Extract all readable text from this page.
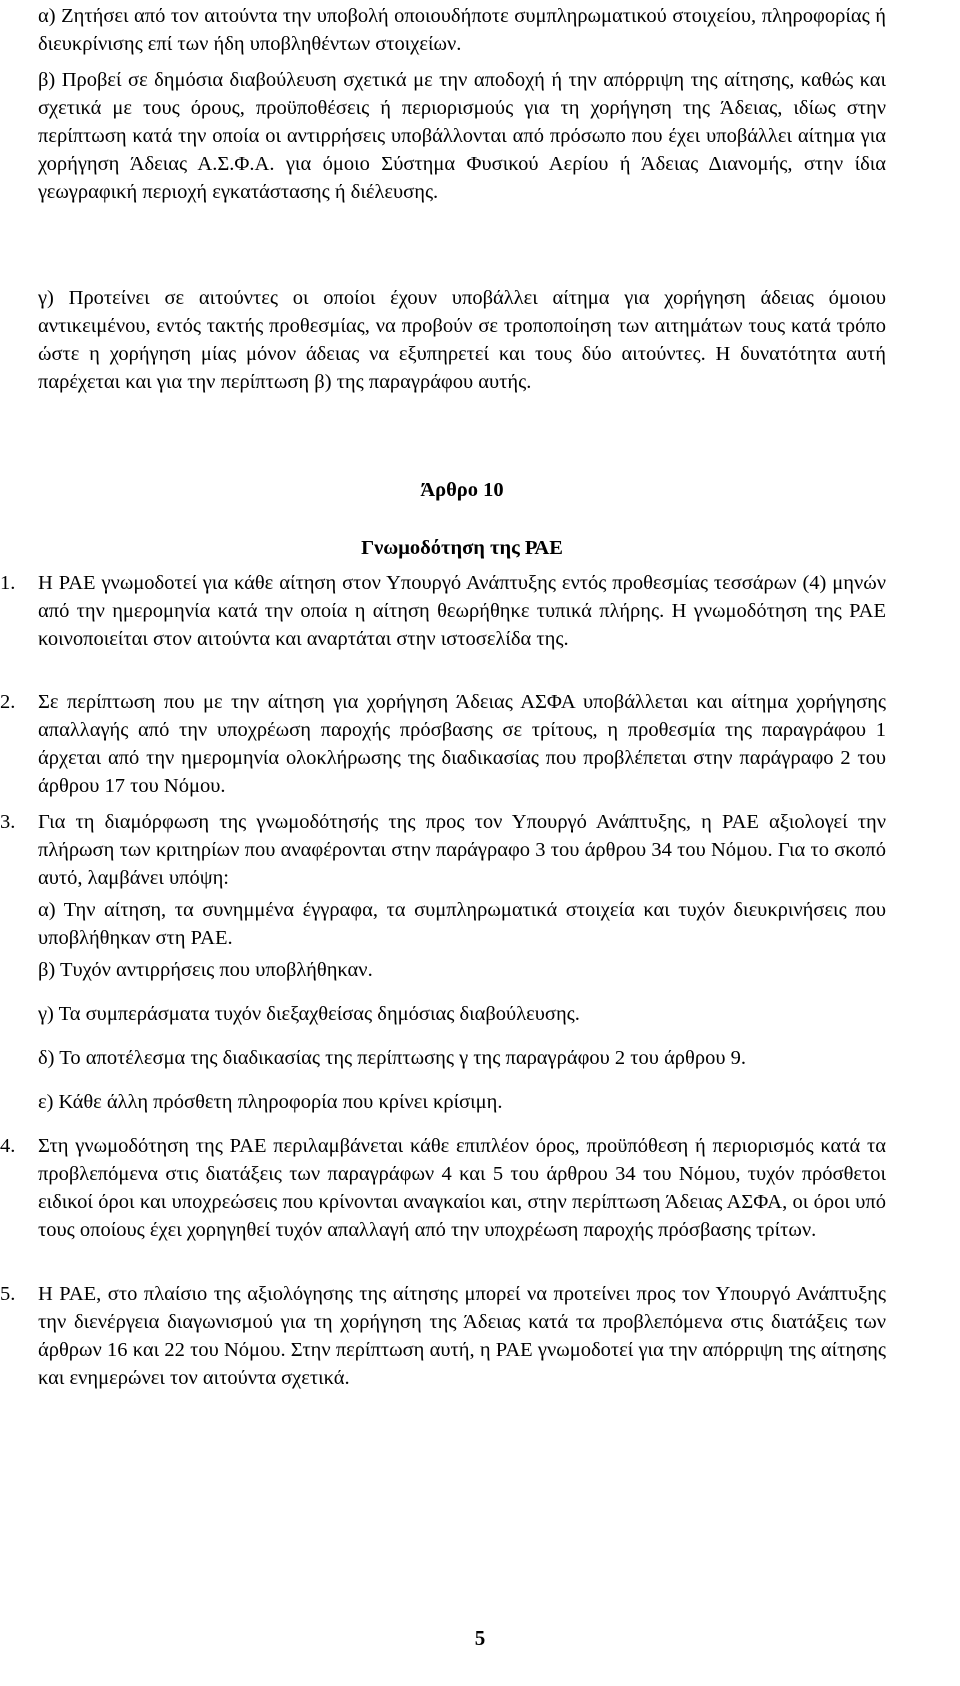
α) Ζητήσει από τον αιτούντα την υποβολή οποιουδήποτε συμπληρωματικού στοιχείου, πληροφορίας ή διευκρίνισης επί των ήδη υποβληθέντων στοιχείων.

β) Προβεί σε δημόσια διαβούλευση σχετικά με την αποδοχή ή την απόρριψη της αίτησης, καθώς και σχετικά με τους όρους, προϋποθέσεις ή περιορισμούς για τη χορήγηση της Άδειας, ιδίως στην περίπτωση κατά την οποία οι αντιρρήσεις υποβάλλονται από πρόσωπο που έχει υποβάλλει αίτημα για χορήγηση Άδειας Α.Σ.Φ.Α. για όμοιο Σύστημα Φυσικού Αερίου ή Άδειας Διανομής, στην ίδια γεωγραφική περιοχή εγκατάστασης ή διέλευσης.

γ) Προτείνει σε αιτούντες οι οποίοι έχουν υποβάλλει αίτημα για χορήγηση άδειας όμοιου αντικειμένου, εντός τακτής προθεσμίας, να προβούν σε τροποποίηση των αιτημάτων τους κατά τρόπο ώστε η χορήγηση μίας μόνον άδειας να εξυπηρετεί και τους δύο αιτούντες. Η δυνατότητα αυτή παρέχεται και για την περίπτωση β) της παραγράφου αυτής.

Άρθρο 10

Γνωμοδότηση της ΡΑΕ

1. Η ΡΑΕ γνωμοδοτεί για κάθε αίτηση στον Υπουργό Ανάπτυξης εντός προθεσμίας τεσσάρων (4) μηνών από την ημερομηνία κατά την οποία η αίτηση θεωρήθηκε τυπικά πλήρης. Η γνωμοδότηση της ΡΑΕ κοινοποιείται στον αιτούντα και αναρτάται στην ιστοσελίδα της.

2. Σε περίπτωση που με την αίτηση για χορήγηση Άδειας ΑΣΦΑ υποβάλλεται και αίτημα χορήγησης απαλλαγής από την υποχρέωση παροχής πρόσβασης σε τρίτους, η προθεσμία της παραγράφου 1 άρχεται από την ημερομηνία ολοκλήρωσης της διαδικασίας που προβλέπεται στην παράγραφο 2 του άρθρου 17 του Νόμου.

3. Για τη διαμόρφωση της γνωμοδότησής της προς τον Υπουργό Ανάπτυξης, η ΡΑΕ αξιολογεί την πλήρωση των κριτηρίων που αναφέρονται στην παράγραφο 3 του άρθρου 34 του Νόμου. Για το σκοπό αυτό, λαμβάνει υπόψη:

α) Την αίτηση, τα συνημμένα έγγραφα, τα συμπληρωματικά στοιχεία και τυχόν διευκρινήσεις που υποβλήθηκαν στη ΡΑΕ.

β) Τυχόν αντιρρήσεις που υποβλήθηκαν.

γ) Τα συμπεράσματα τυχόν διεξαχθείσας δημόσιας διαβούλευσης.

δ) Το αποτέλεσμα της διαδικασίας της περίπτωσης γ της παραγράφου 2 του άρθρου 9.

ε) Κάθε άλλη πρόσθετη πληροφορία που κρίνει κρίσιμη.

4. Στη γνωμοδότηση της ΡΑΕ περιλαμβάνεται κάθε επιπλέον όρος, προϋπόθεση ή περιορισμός κατά τα προβλεπόμενα στις διατάξεις των παραγράφων 4 και 5 του άρθρου 34 του Νόμου, τυχόν πρόσθετοι ειδικοί όροι και υποχρεώσεις που κρίνονται αναγκαίοι και, στην περίπτωση Άδειας ΑΣΦΑ, οι όροι υπό τους οποίους έχει χορηγηθεί τυχόν απαλλαγή από την υποχρέωση παροχής πρόσβασης τρίτων.

5. Η ΡΑΕ, στο πλαίσιο της αξιολόγησης της αίτησης μπορεί να προτείνει προς τον Υπουργό Ανάπτυξης την διενέργεια διαγωνισμού για τη χορήγηση της Άδειας κατά τα προβλεπόμενα στις διατάξεις των άρθρων 16 και 22 του Νόμου. Στην περίπτωση αυτή, η ΡΑΕ γνωμοδοτεί για την απόρριψη της αίτησης και ενημερώνει τον αιτούντα σχετικά.

5
